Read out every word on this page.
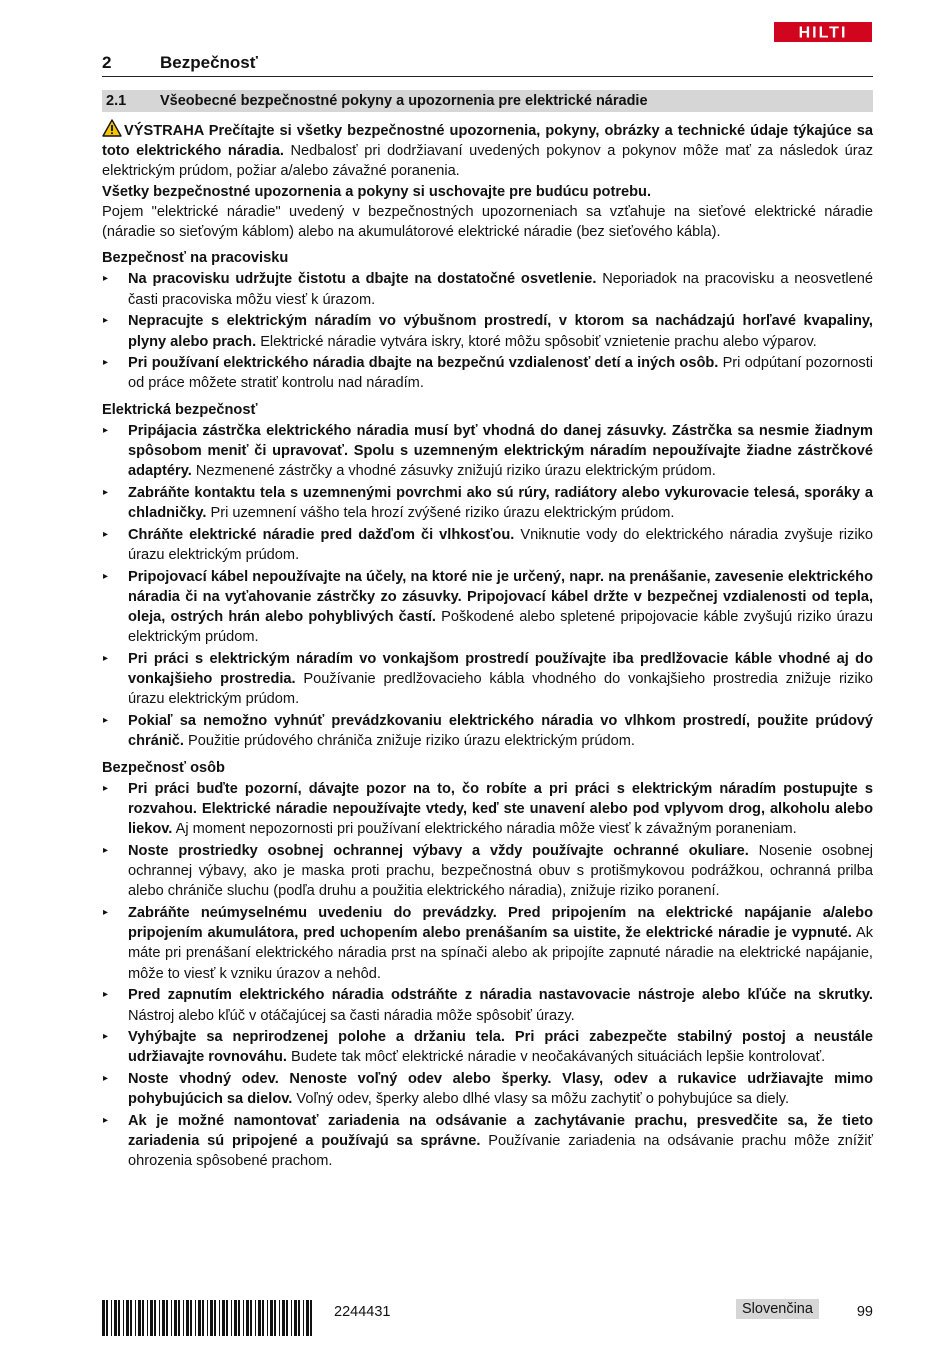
HILTI
2	Bezpečnosť
2.1 Všeobecné bezpečnostné pokyny a upozornenia pre elektrické náradie

VÝSTRAHA Prečítajte si všetky bezpečnostné upozornenia, pokyny, obrázky a technické údaje týkajúce sa toto elektrického náradia. Nedbalosť pri dodržiavaní uvedených pokynov a pokynov môže mať za následok úraz elektrickým prúdom, požiar a/alebo závažné poranenia.

Všetky bezpečnostné upozornenia a pokyny si uschovajte pre budúcu potrebu.

Pojem "elektrické náradie" uvedený v bezpečnostných upozorneniach sa vzťahuje na sieťové elektrické náradie (náradie so sieťovým káblom) alebo na akumulátorové elektrické náradie (bez sieťového kábla).

Bezpečnosť na pracovisku

▸ Na pracovisku udržujte čistotu a dbajte na dostatočné osvetlenie. Neporiadok na pracovisku a neosvetlené časti pracoviska môžu viesť k úrazom.
▸ Nepracujte s elektrickým náradím vo výbušnom prostredí, v ktorom sa nachádzajú horľavé kvapaliny, plyny alebo prach. Elektrické náradie vytvára iskry, ktoré môžu spôsobiť vznietenie prachu alebo výparov.
▸ Pri používaní elektrického náradia dbajte na bezpečnú vzdialenosť detí a iných osôb. Pri odpútaní pozornosti od práce môžete stratiť kontrolu nad náradím.

Elektrická bezpečnosť

▸ Pripájacia zástrčka elektrického náradia musí byť vhodná do danej zásuvky. Zástrčka sa nesmie žiadnym spôsobom meniť či upravovať. Spolu s uzemneným elektrickým náradím nepoužívajte žiadne zástrčkové adaptéry. Nezmenené zástrčky a vhodné zásuvky znižujú riziko úrazu elektrickým prúdom.
▸ Zabráňte kontaktu tela s uzemnenými povrchmi ako sú rúry, radiátory alebo vykurovacie telesá, sporáky a chladničky. Pri uzemnení vášho tela hrozí zvýšené riziko úrazu elektrickým prúdom.
▸ Chráňte elektrické náradie pred dažďom či vlhkosťou. Vniknutie vody do elektrického náradia zvyšuje riziko úrazu elektrickým prúdom.
▸ Pripojovací kábel nepoužívajte na účely, na ktoré nie je určený, napr. na prenášanie, zavesenie elektrického náradia či na vyťahovanie zástrčky zo zásuvky. Pripojovací kábel držte v bezpečnej vzdialenosti od tepla, oleja, ostrých hrán alebo pohyblivých častí. Poškodené alebo spletené pripojovacie káble zvyšujú riziko úrazu elektrickým prúdom.
▸ Pri práci s elektrickým náradím vo vonkajšom prostredí používajte iba predlžovacie káble vhodné aj do vonkajšieho prostredia. Používanie predlžovacieho kábla vhodného do vonkajšieho prostredia znižuje riziko úrazu elektrickým prúdom.
▸ Pokiaľ sa nemožno vyhnúť prevádzkovaniu elektrického náradia vo vlhkom prostredí, použite prúdový chránič. Použitie prúdového chrániča znižuje riziko úrazu elektrickým prúdom.

Bezpečnosť osôb

▸ Pri práci buďte pozorní, dávajte pozor na to, čo robíte a pri práci s elektrickým náradím postupujte s rozvahou. Elektrické náradie nepoužívajte vtedy, keď ste unavení alebo pod vplyvom drog, alkoholu alebo liekov. Aj moment nepozornosti pri používaní elektrického náradia môže viesť k závažným poraneniam.
▸ Noste prostriedky osobnej ochrannej výbavy a vždy používajte ochranné okuliare. Nosenie osobnej ochrannej výbavy, ako je maska proti prachu, bezpečnostná obuv s protišmykovou podrážkou, ochranná prilba alebo chrániče sluchu (podľa druhu a použitia elektrického náradia), znižuje riziko poranení.
▸ Zabráňte neúmyselnému uvedeniu do prevádzky. Pred pripojením na elektrické napájanie a/alebo pripojením akumulátora, pred uchopením alebo prenášaním sa uistite, že elektrické náradie je vypnuté. Ak máte pri prenášaní elektrického náradia prst na spínači alebo ak pripojíte zapnuté náradie na elektrické napájanie, môže to viesť k vzniku úrazov a nehôd.
▸ Pred zapnutím elektrického náradia odstráňte z náradia nastavovacie nástroje alebo kľúče na skrutky. Nástroj alebo kľúč v otáčajúcej sa časti náradia môže spôsobiť úrazy.
▸ Vyhýbajte sa neprirodzenej polohe a držaniu tela. Pri práci zabezpečte stabilný postoj a neustále udržiavajte rovnováhu. Budete tak môcť elektrické náradie v neočakávaných situáciách lepšie kontrolovať.
▸ Noste vhodný odev. Nenoste voľný odev alebo šperky. Vlasy, odev a rukavice udržiavajte mimo pohybujúcich sa dielov. Voľný odev, šperky alebo dlhé vlasy sa môžu zachytiť o pohybujúce sa diely.
▸ Ak je možné namontovať zariadenia na odsávanie a zachytávanie prachu, presvedčite sa, že tieto zariadenia sú pripojené a používajú sa správne. Používanie zariadenia na odsávanie prachu môže znížiť ohrozenia spôsobené prachom.
2244431	Slovenčina	99
